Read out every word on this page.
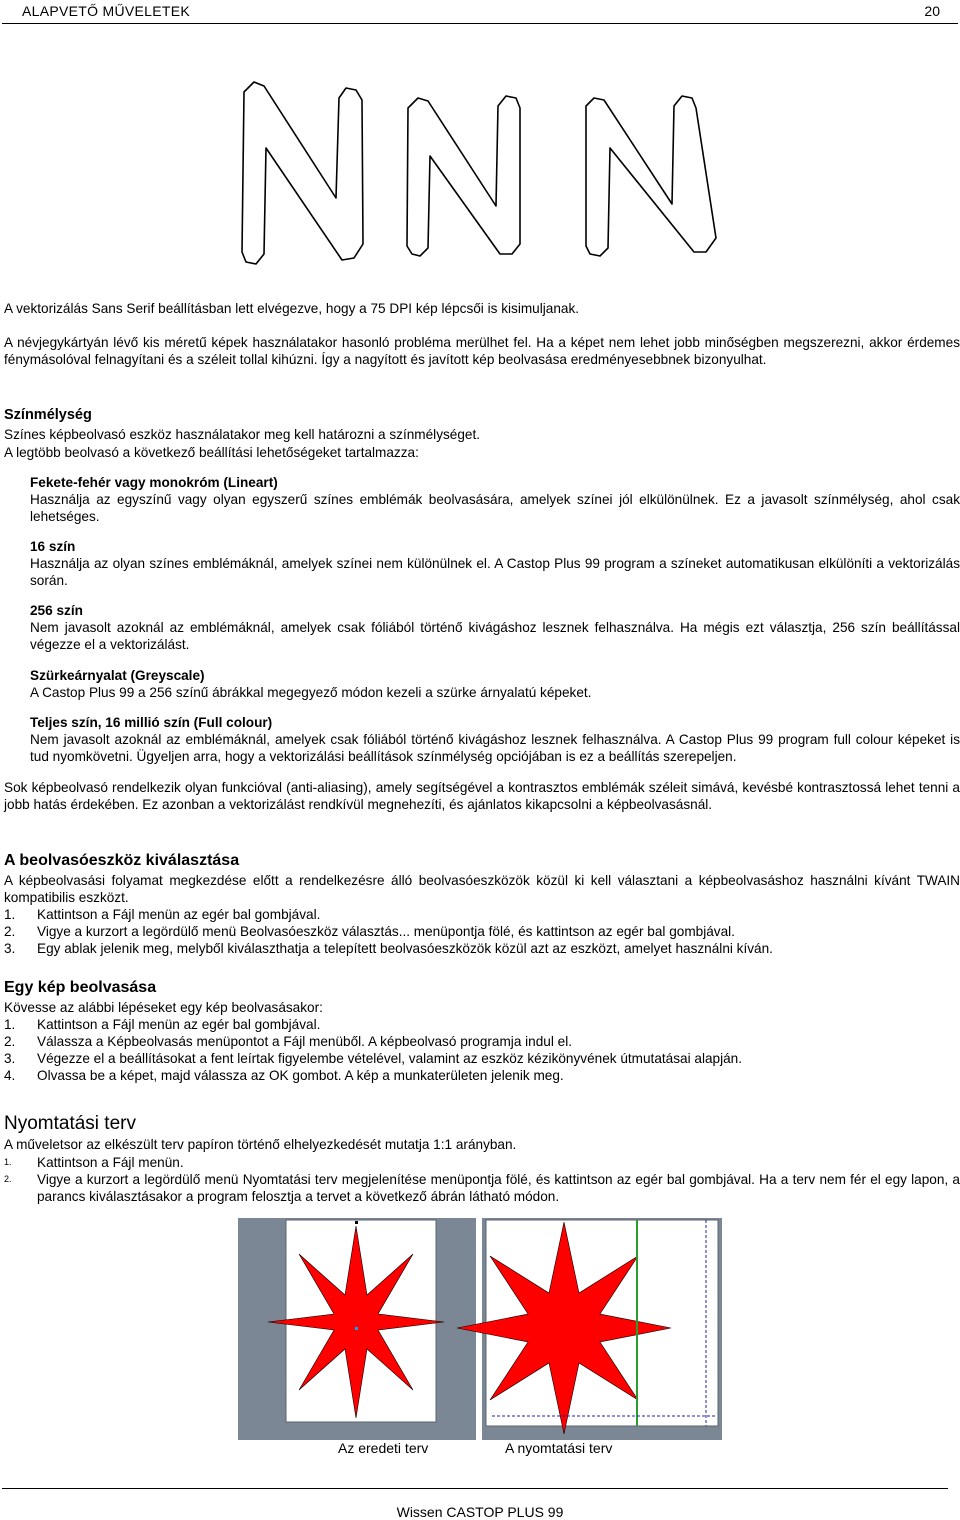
ALAPVETŐ MŰVELETEK	20

A vektorizálás Sans Serif beállításban lett elvégezve, hogy a 75 DPI kép lépcsői is kisimuljanak.

A névjegykártyán lévő kis méretű képek használatakor hasonló probléma merülhet fel. Ha a képet nem lehet jobb minőségben megszerezni, akkor érdemes fénymásolóval felnagyítani és a széleit tollal kihúzni. Így a nagyított és javított kép beolvasása eredményesebbnek bizonyulhat.

Színmélység

Színes képbeolvasó eszköz használatakor meg kell határozni a színmélységet.

A legtöbb beolvasó a következő beállítási lehetőségeket tartalmazza:

Fekete-fehér vagy monokróm (Lineart)
Használja az egyszínű vagy olyan egyszerű színes emblémák beolvasására, amelyek színei jól elkülönülnek. Ez a javasolt színmélység, ahol csak lehetséges.
16 szín
Használja az olyan színes emblémáknál, amelyek színei nem különülnek el. A Castop Plus 99 program a színeket automatikusan elkülöníti a vektorizálás során.
256 szín
Nem javasolt azoknál az emblémáknál, amelyek csak fóliából történő kivágáshoz lesznek felhasználva. Ha mégis ezt választja, 256 szín beállítással végezze el a vektorizálást.
Szürkeárnyalat (Greyscale)
A Castop Plus 99 a 256 színű ábrákkal megegyező módon kezeli a szürke árnyalatú képeket.
Teljes szín, 16 millió szín (Full colour)
Nem javasolt azoknál az emblémáknál, amelyek csak fóliából történő kivágáshoz lesznek felhasználva. A Castop Plus 99 program full colour képeket is tud nyomkövetni. Ügyeljen arra, hogy a vektorizálási beállítások színmélység opciójában is ez a beállítás szerepeljen.

Sok képbeolvasó rendelkezik olyan funkcióval (anti-aliasing), amely segítségével a kontrasztos emblémák széleit simává, kevésbé kontrasztossá lehet tenni a jobb hatás érdekében. Ez azonban a vektorizálást rendkívül megnehezíti, és ajánlatos kikapcsolni a képbeolvasásnál.

A beolvasóeszköz kiválasztása

A képbeolvasási folyamat megkezdése előtt a rendelkezésre álló beolvasóeszközök közül ki kell választani a képbeolvasáshoz használni kívánt TWAIN kompatibilis eszközt.

1. Kattintson a Fájl menün az egér bal gombjával.
2. Vigye a kurzort a legördülő menü Beolvasóeszköz választás... menüpontja fölé, és kattintson az egér bal gombjával.
3. Egy ablak jelenik meg, melyből kiválaszthatja a telepített beolvasóeszközök közül azt az eszközt, amelyet használni kíván.
Egy kép beolvasása

Kövesse az alábbi lépéseket egy kép beolvasásakor:

1. Kattintson a Fájl menün az egér bal gombjával.
2. Válassza a Képbeolvasás menüpontot a Fájl menüből. A képbeolvasó programja indul el.
3. Végezze el a beállításokat a fent leírtak figyelembe vételével, valamint az eszköz kézikönyvének útmutatásai alapján.
4. Olvassa be a képet, majd válassza az OK gombot. A kép a munkaterületen jelenik meg.
Nyomtatási terv

A műveletsor az elkészült terv papíron történő elhelyezkedését mutatja 1:1 arányban.

1. Kattintson a Fájl menün.
2. Vigye a kurzort a legördülő menü Nyomtatási terv megjelenítése menüpontja fölé, és kattintson az egér bal gombjával. Ha a terv nem fér el egy lapon, a parancs kiválasztásakor a program felosztja a tervet a következő ábrán látható módon.
Az eredeti terv	A nyomtatási terv
Wissen CASTOP PLUS 99
